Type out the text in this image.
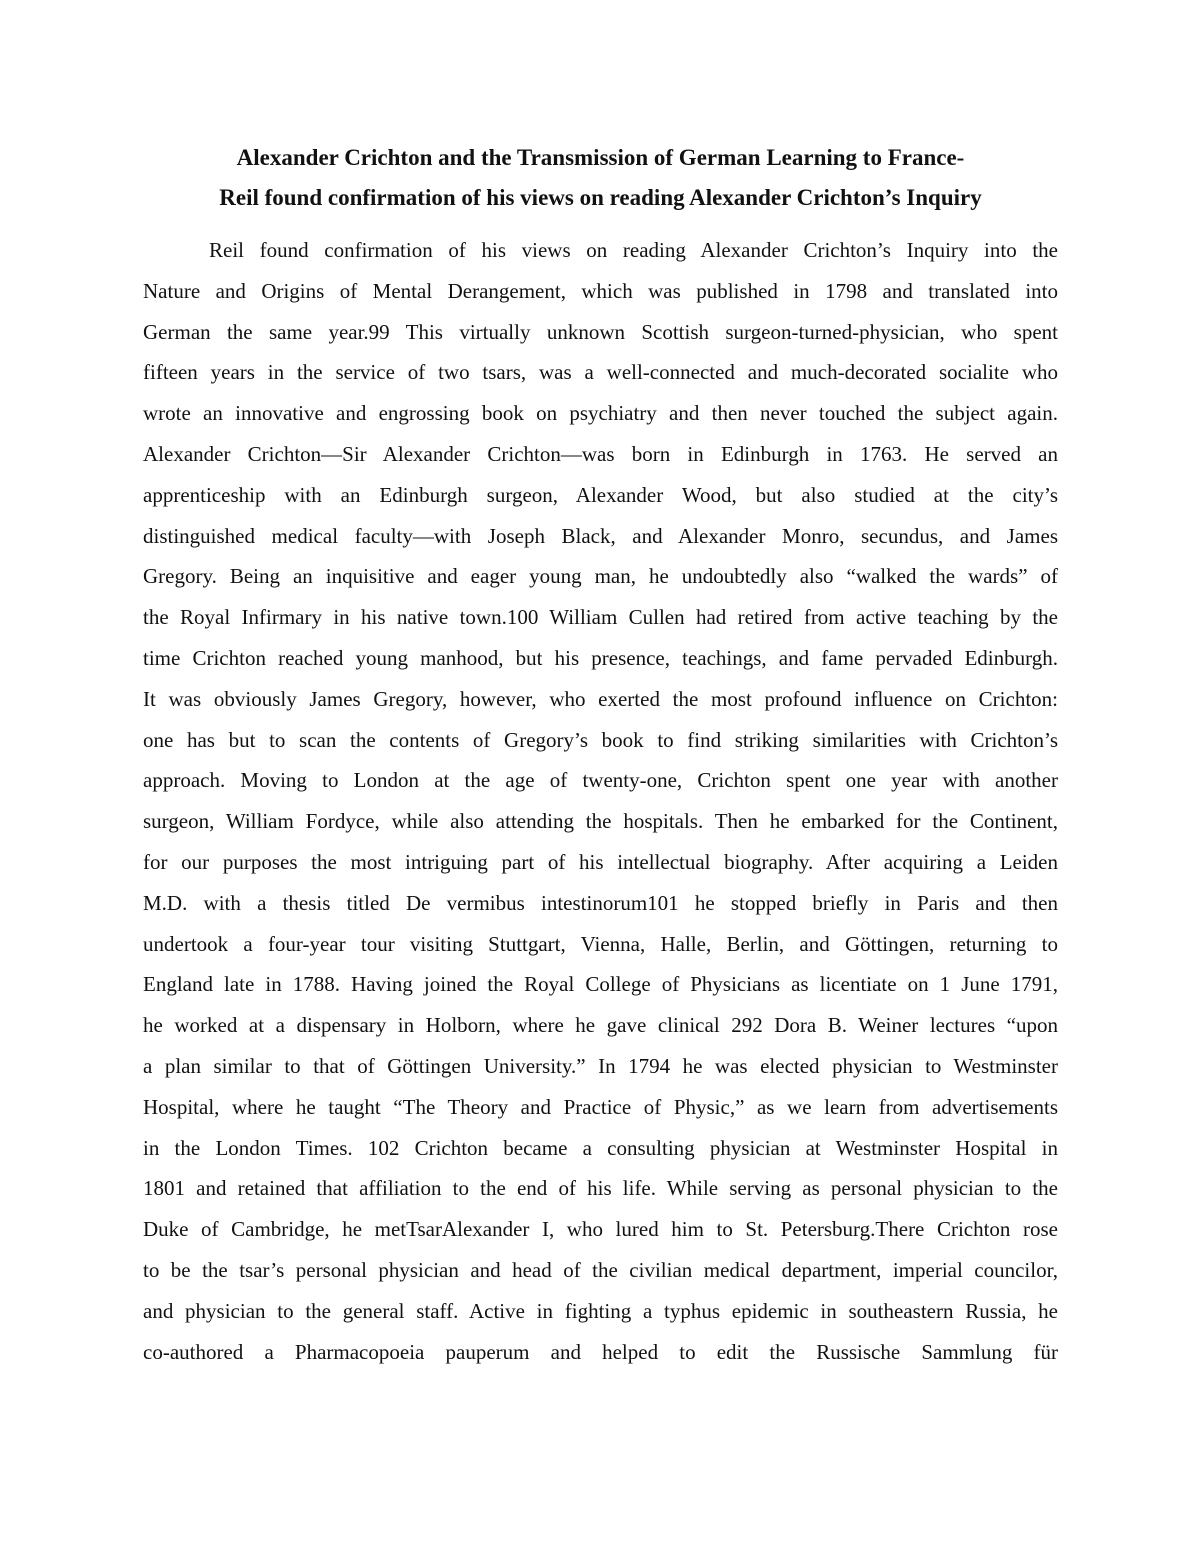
Alexander Crichton and the Transmission of German Learning to France-
Reil found confirmation of his views on reading Alexander Crichton’s Inquiry
Reil found confirmation of his views on reading Alexander Crichton’s Inquiry into the
Nature and Origins of Mental Derangement, which was published in 1798 and translated into
German the same year.99 This virtually unknown Scottish surgeon-turned-physician, who spent
fifteen years in the service of two tsars, was a well-connected and much-decorated socialite who
wrote an innovative and engrossing book on psychiatry and then never touched the subject again.
Alexander Crichton—Sir Alexander Crichton—was born in Edinburgh in 1763. He served an
apprenticeship with an Edinburgh surgeon, Alexander Wood, but also studied at the city’s
distinguished medical faculty—with Joseph Black, and Alexander Monro, secundus, and James
Gregory. Being an inquisitive and eager young man, he undoubtedly also “walked the wards” of
the Royal Infirmary in his native town.100 William Cullen had retired from active teaching by the
time Crichton reached young manhood, but his presence, teachings, and fame pervaded Edinburgh.
It was obviously James Gregory, however, who exerted the most profound influence on Crichton:
one has but to scan the contents of Gregory’s book to find striking similarities with Crichton’s
approach. Moving to London at the age of twenty-one, Crichton spent one year with another
surgeon, William Fordyce, while also attending the hospitals. Then he embarked for the Continent,
for our purposes the most intriguing part of his intellectual biography. After acquiring a Leiden
M.D. with a thesis titled De vermibus intestinorum101 he stopped briefly in Paris and then
undertook a four-year tour visiting Stuttgart, Vienna, Halle, Berlin, and Göttingen, returning to
England late in 1788. Having joined the Royal College of Physicians as licentiate on 1 June 1791,
he worked at a dispensary in Holborn, where he gave clinical 292 Dora B. Weiner lectures “upon
a plan similar to that of Göttingen University.” In 1794 he was elected physician to Westminster
Hospital, where he taught “The Theory and Practice of Physic,” as we learn from advertisements
in the London Times. 102 Crichton became a consulting physician at Westminster Hospital in
1801 and retained that affiliation to the end of his life. While serving as personal physician to the
Duke of Cambridge, he metTsarAlexander I, who lured him to St. Petersburg.There Crichton rose
to be the tsar’s personal physician and head of the civilian medical department, imperial councilor,
and physician to the general staff. Active in fighting a typhus epidemic in southeastern Russia, he
co-authored a Pharmacopoeia pauperum and helped to edit the Russische Sammlung für
